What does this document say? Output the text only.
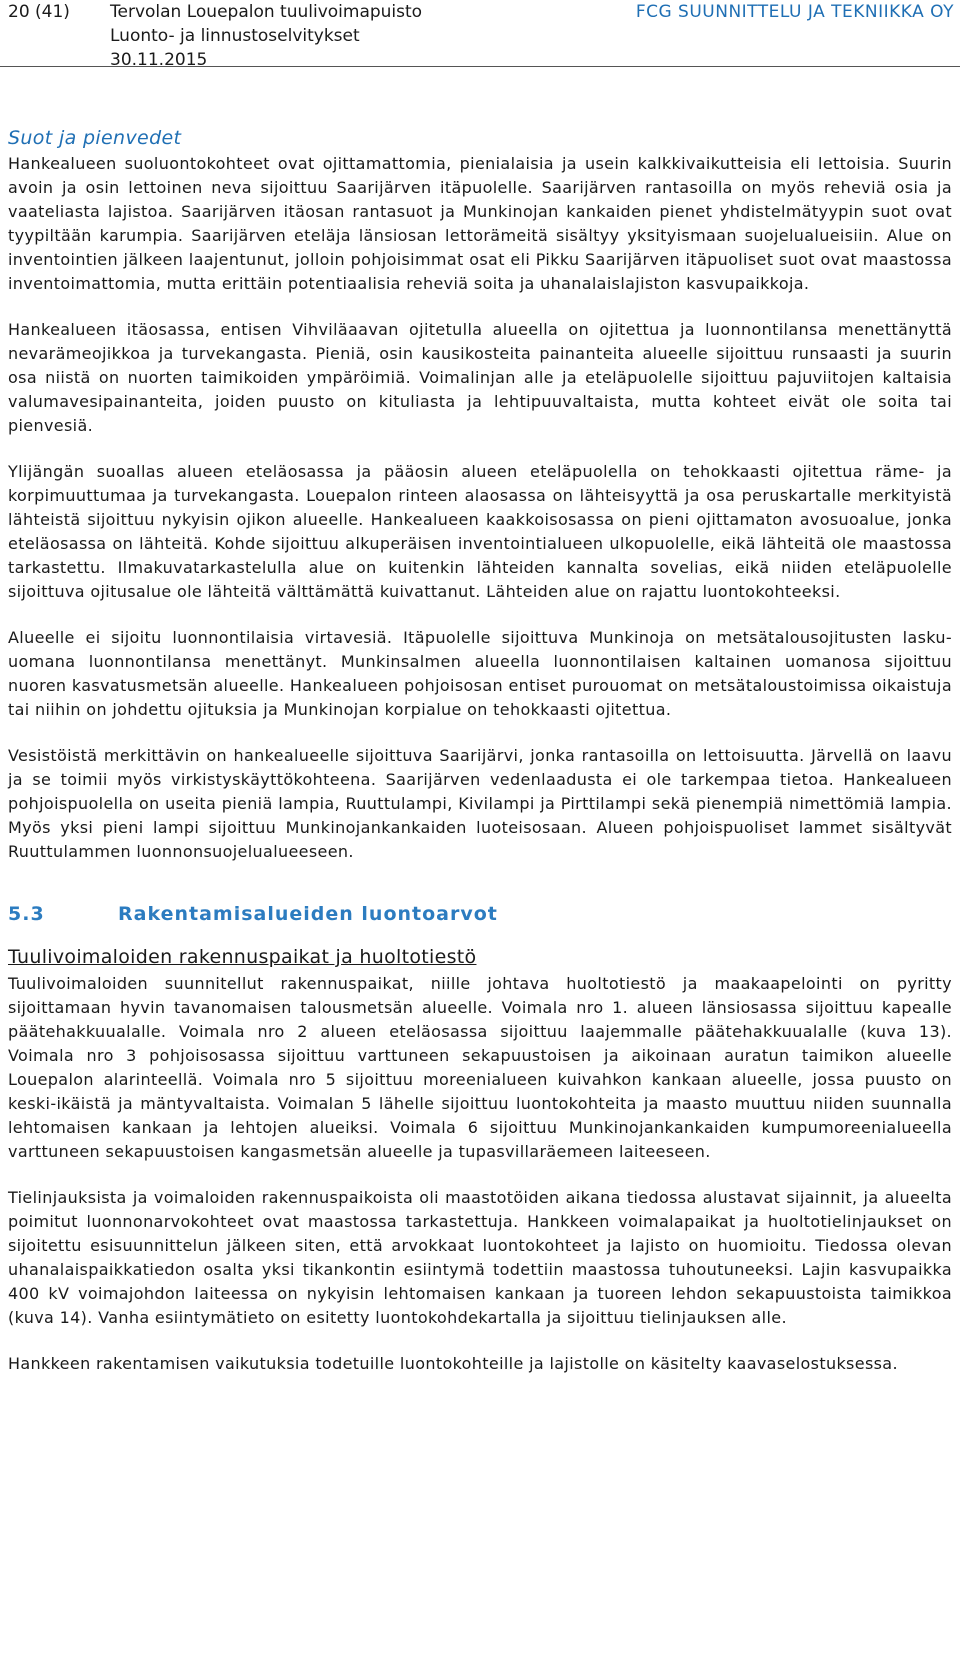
20 (41) Tervolan Louepalon tuulivoimapuisto
Luonto- ja linnustoselvitykset
30.11.2015
FCG SUUNNITTELU JA TEKNIIKKA OY
Suot ja pienvedet

Hankealueen suoluontokohteet ovat ojittamattomia, pienialaisia ja usein kalkkivaikutteisia eli lettoisia. Suurin avoin ja osin lettoinen neva sijoittuu Saarijärven itäpuolelle. Saarijärven rantasoilla on myös reheviä osia ja vaateliasta lajistoa. Saarijärven itäosan rantasuot ja Munkinojan kankaiden pienet yhdistelmätyypin suot ovat tyypiltään karumpia. Saarijärven eteläja länsiosan lettorämeitä sisältyy yksityismaan suojelualueisiin. Alue on inventointien jälkeen laajentunut, jolloin pohjoisimmat osat eli Pikku Saarijärven itäpuoliset suot ovat maastossa inventoimattomia, mutta erittäin potentiaalisia reheviä soita ja uhanalaislajiston kasvupaikkoja.

Hankealueen itäosassa, entisen Vihviläaavan ojitetulla alueella on ojitettua ja luonnontilansa menettänyttä nevarämeojikkoa ja turvekangasta. Pieniä, osin kausikosteita painanteita alueelle sijoittuu runsaasti ja suurin osa niistä on nuorten taimikoiden ympäröimiä. Voimalinjan alle ja eteläpuolelle sijoittuu pajuviitojen kaltaisia valumavesipainanteita, joiden puusto on kituliasta ja lehtipuuvaltaista, mutta kohteet eivät ole soita tai pienvesiä.

Ylijängän suoallas alueen eteläosassa ja pääosin alueen eteläpuolella on tehokkaasti ojitettua räme- ja korpimuuttumaa ja turvekangasta. Louepalon rinteen alaosassa on lähteisyyttä ja osa peruskartalle merkityistä lähteistä sijoittuu nykyisin ojikon alueelle. Hankealueen kaakkoisosassa on pieni ojittamaton avosuoalue, jonka eteläosassa on lähteitä. Kohde sijoittuu alkuperäisen inventointialueen ulkopuolelle, eikä lähteitä ole maastossa tarkastettu. Ilmakuvatarkastelulla alue on kuitenkin lähteiden kannalta sovelias, eikä niiden eteläpuolelle sijoittuva ojitusalue ole lähteitä välttämättä kuivattanut. Lähteiden alue on rajattu luontokohteeksi.

Alueelle ei sijoitu luonnontilaisia virtavesiä. Itäpuolelle sijoittuva Munkinoja on metsätalousojitusten lasku-uomana luonnontilansa menettänyt. Munkinsalmen alueella luonnontilaisen kaltainen uomanosa sijoittuu nuoren kasvatusmetsän alueelle. Hankealueen pohjoisosan entiset purouomat on metsätaloustoimissa oikaistuja tai niihin on johdettu ojituksia ja Munkinojan korpialue on tehokkaasti ojitettua.

Vesistöistä merkittävin on hankealueelle sijoittuva Saarijärvi, jonka rantasoilla on lettoisuutta. Järvellä on laavu ja se toimii myös virkistyskäyttökohteena. Saarijärven vedenlaadusta ei ole tarkempaa tietoa. Hankealueen pohjoispuolella on useita pieniä lampia, Ruuttulampi, Kivilampi ja Pirttilampi sekä pienempiä nimettömiä lampia. Myös yksi pieni lampi sijoittuu Munkinojankankaiden luoteisosaan. Alueen pohjoispuoliset lammet sisältyvät Ruuttulammen luonnonsuojelualueeseen.

5.3	Rakentamisalueiden luontoarvot
Tuulivoimaloiden rakennuspaikat ja huoltotiestö

Tuulivoimaloiden suunnitellut rakennuspaikat, niille johtava huoltotiestö ja maakaapelointi on pyritty sijoittamaan hyvin tavanomaisen talousmetsän alueelle. Voimala nro 1. alueen länsiosassa sijoittuu kapealle päätehakkuualalle. Voimala nro 2 alueen eteläosassa sijoittuu laajemmalle päätehakkuualalle (kuva 13). Voimala nro 3 pohjoisosassa sijoittuu varttuneen sekapuustoisen ja aikoinaan auratun taimikon alueelle Louepalon alarinteellä. Voimala nro 5 sijoittuu moreenialueen kuivahkon kankaan alueelle, jossa puusto on keski-ikäistä ja mäntyvaltaista. Voimalan 5 lähelle sijoittuu luontokohteita ja maasto muuttuu niiden suunnalla lehtomaisen kankaan ja lehtojen alueiksi. Voimala 6 sijoittuu Munkinojankankaiden kumpumoreenialueella varttuneen sekapuustoisen kangasmetsän alueelle ja tupasvillaräemeen laiteeseen.

Tielinjauksista ja voimaloiden rakennuspaikoista oli maastotöiden aikana tiedossa alustavat sijainnit, ja alueelta poimitut luonnonarvokohteet ovat maastossa tarkastettuja. Hankkeen voimalapaikat ja huoltotielinjaukset on sijoitettu esisuunnittelun jälkeen siten, että arvokkaat luontokohteet ja lajisto on huomioitu. Tiedossa olevan uhanalaispaikkatiedon osalta yksi tikankontin esiintymä todettiin maastossa tuhoutuneeksi. Lajin kasvupaikka 400 kV voimajohdon laiteessa on nykyisin lehtomaisen kankaan ja tuoreen lehdon sekapuustoista taimikkoa (kuva 14). Vanha esiintymätieto on esitetty luontokohdekartalla ja sijoittuu tielinjauksen alle.

Hankkeen rakentamisen vaikutuksia todetuille luontokohteille ja lajistolle on käsitelty kaavaselostuksessa.
